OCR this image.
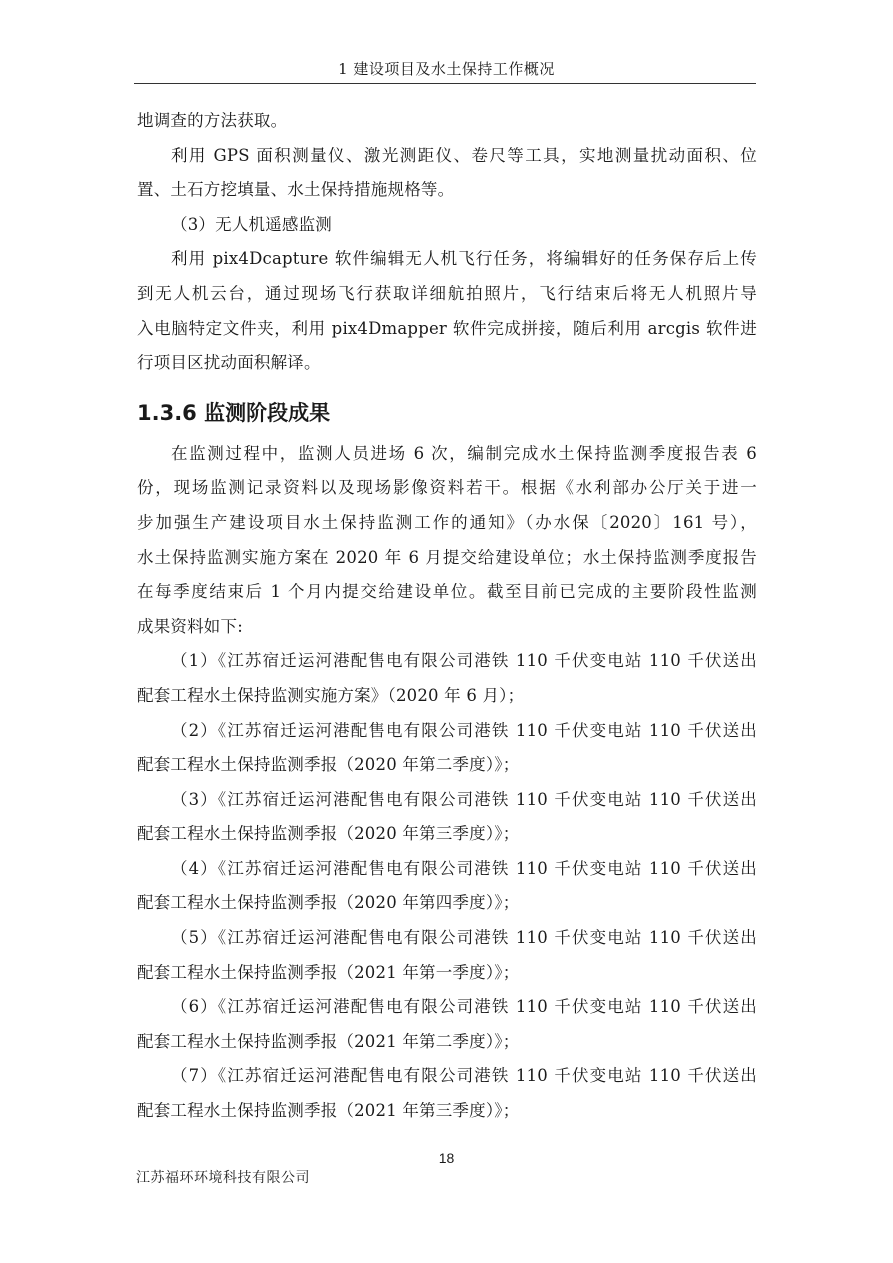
1 建设项目及水土保持工作概况

地调查的方法获取。

利用 GPS 面积测量仪、激光测距仪、卷尺等工具，实地测量扰动面积、位

置、土石方挖填量、水土保持措施规格等。

（3）无人机遥感监测

利用 pix4Dcapture 软件编辑无人机飞行任务，将编辑好的任务保存后上传

到无人机云台，通过现场飞行获取详细航拍照片，飞行结束后将无人机照片导

入电脑特定文件夹，利用 pix4Dmapper 软件完成拼接，随后利用 arcgis 软件进

行项目区扰动面积解译。

1.3.6 监测阶段成果

在监测过程中，监测人员进场 6 次，编制完成水土保持监测季度报告表 6

份，现场监测记录资料以及现场影像资料若干。根据《水利部办公厅关于进一

步加强生产建设项目水土保持监测工作的通知》（办水保〔2020〕161 号），

水土保持监测实施方案在 2020 年 6 月提交给建设单位；水土保持监测季度报告

在每季度结束后 1 个月内提交给建设单位。截至目前已完成的主要阶段性监测

成果资料如下:

（1）《江苏宿迁运河港配售电有限公司港铁 110 千伏变电站 110 千伏送出

配套工程水土保持监测实施方案》（2020 年 6 月）；

（2）《江苏宿迁运河港配售电有限公司港铁 110 千伏变电站 110 千伏送出

配套工程水土保持监测季报（2020 年第二季度）》；

（3）《江苏宿迁运河港配售电有限公司港铁 110 千伏变电站 110 千伏送出

配套工程水土保持监测季报（2020 年第三季度）》；

（4）《江苏宿迁运河港配售电有限公司港铁 110 千伏变电站 110 千伏送出

配套工程水土保持监测季报（2020 年第四季度）》；

（5）《江苏宿迁运河港配售电有限公司港铁 110 千伏变电站 110 千伏送出

配套工程水土保持监测季报（2021 年第一季度）》；

（6）《江苏宿迁运河港配售电有限公司港铁 110 千伏变电站 110 千伏送出

配套工程水土保持监测季报（2021 年第二季度）》；

（7）《江苏宿迁运河港配售电有限公司港铁 110 千伏变电站 110 千伏送出

配套工程水土保持监测季报（2021 年第三季度）》；

18
江苏福环环境科技有限公司
